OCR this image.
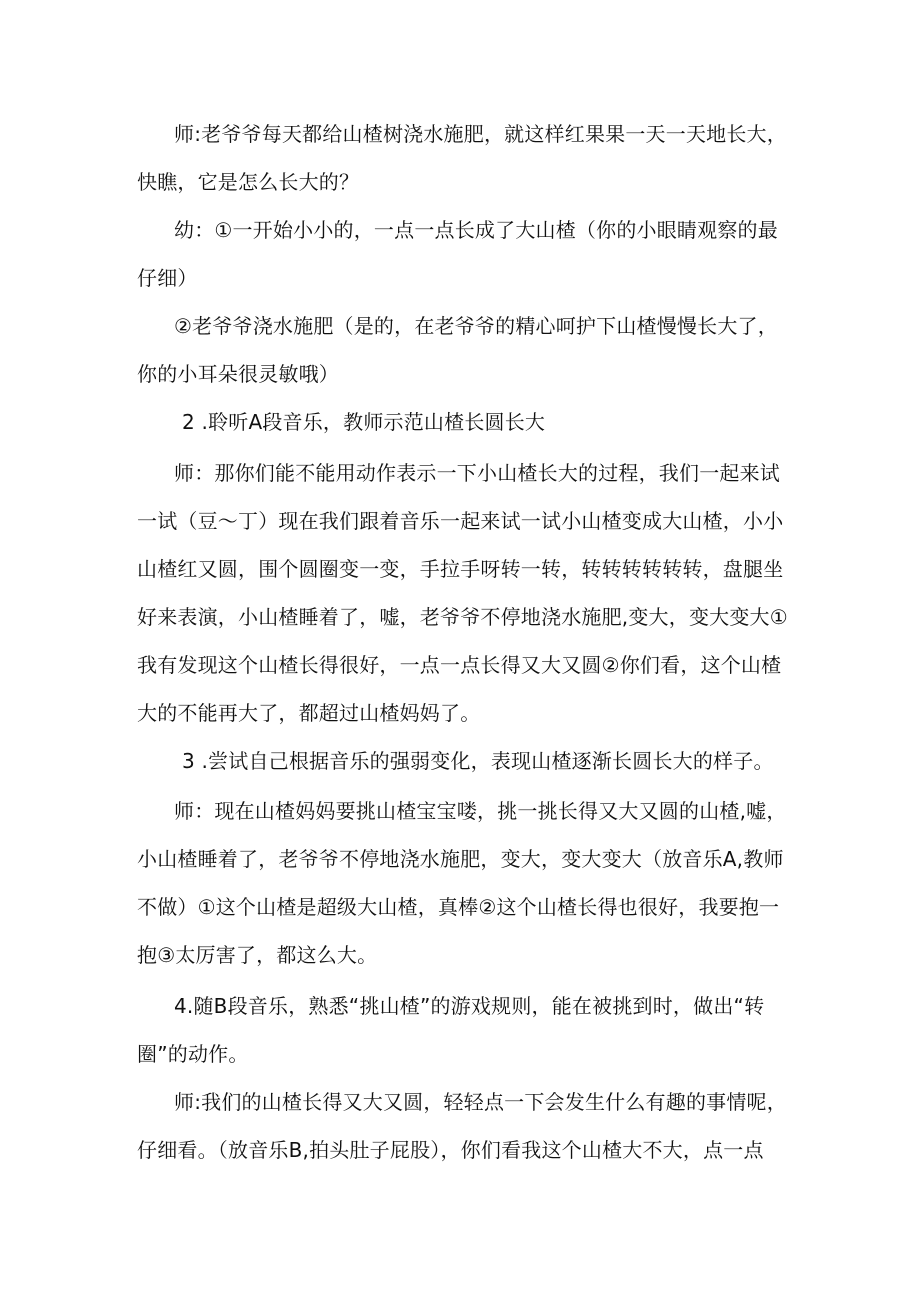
师:老爷爷每天都给山楂树浇水施肥，就这样红果果一天一天地长大，
快瞧，它是怎么长大的？
幼：①一开始小小的，一点一点长成了大山楂（你的小眼睛观察的最
仔细）
②老爷爷浇水施肥（是的，在老爷爷的精心呵护下山楂慢慢长大了，
你的小耳朵很灵敏哦）
2 .聆听A段音乐，教师示范山楂长圆长大
师：那你们能不能用动作表示一下小山楂长大的过程，我们一起来试
一试（豆〜丁）现在我们跟着音乐一起来试一试小山楂变成大山楂，小小
山楂红又圆，围个圆圈变一变，手拉手呀转一转，转转转转转转，盘腿坐
好来表演，小山楂睡着了，嘘，老爷爷不停地浇水施肥,变大，变大变大①
我有发现这个山楂长得很好，一点一点长得又大又圆②你们看，这个山楂
大的不能再大了，都超过山楂妈妈了。
3 .尝试自己根据音乐的强弱变化，表现山楂逐渐长圆长大的样子。
师：现在山楂妈妈要挑山楂宝宝喽，挑一挑长得又大又圆的山楂,嘘，
小山楂睡着了，老爷爷不停地浇水施肥，变大，变大变大（放音乐A,教师
不做）①这个山楂是超级大山楂，真棒②这个山楂长得也很好，我要抱一
抱③太厉害了，都这么大。
4.随B段音乐，熟悉“挑山楂”的游戏规则，能在被挑到时，做出“转
圈”的动作。
师:我们的山楂长得又大又圆，轻轻点一下会发生什么有趣的事情呢，
仔细看。（放音乐B,拍头肚子屁股），你们看我这个山楂大不大，点一点
